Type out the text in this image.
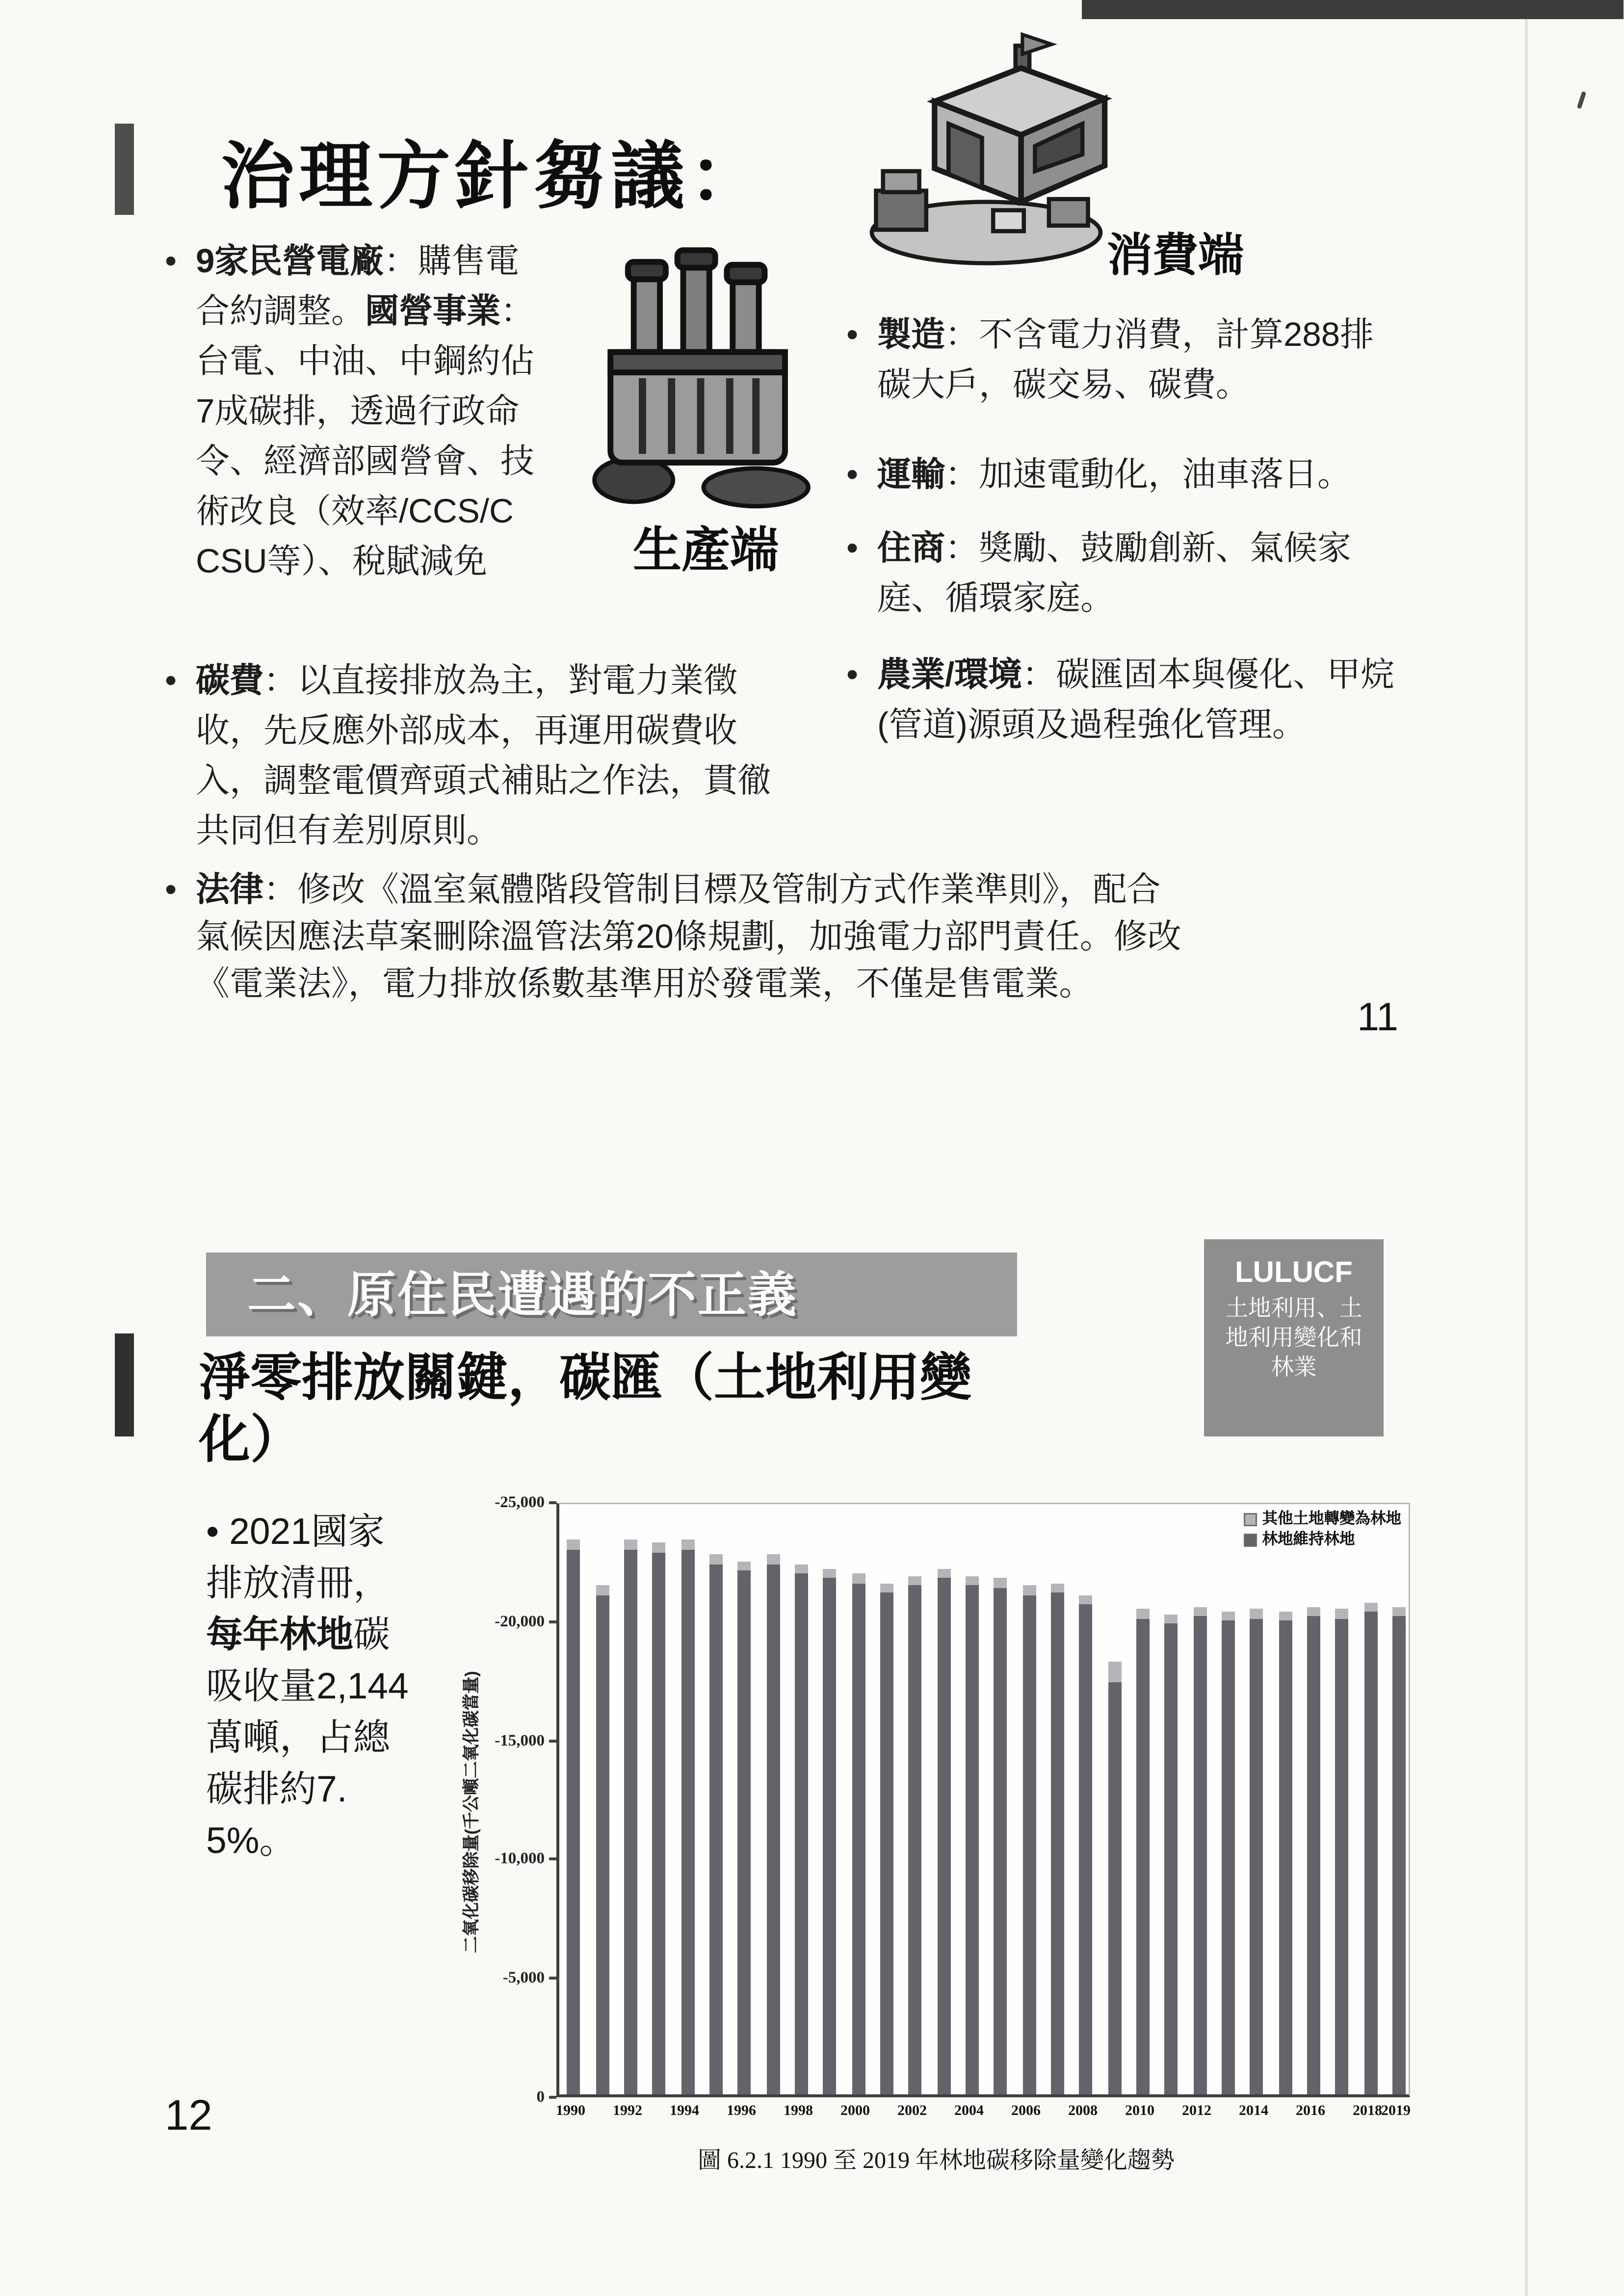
治理方針芻議：
消費端
生產端
• 9家民營電廠：購售電合約調整。國營事業：台電、中油、中鋼約佔7成碳排，透過行政命令、經濟部國營會、技術改良（效率/CCS/CCSU等）、稅賦減免
• 碳費：以直接排放為主，對電力業徵收，先反應外部成本，再運用碳費收入，調整電價齊頭式補貼之作法，貫徹共同但有差別原則。
• 法律：修改《溫室氣體階段管制目標及管制方式作業準則》，配合氣候因應法草案刪除溫管法第20條規劃，加強電力部門責任。修改《電業法》，電力排放係數基準用於發電業，不僅是售電業。
• 製造：不含電力消費，計算288排碳大戶，碳交易、碳費。
• 運輸：加速電動化，油車落日。
• 住商：獎勵、鼓勵創新、氣候家庭、循環家庭。
• 農業/環境：碳匯固本與優化、甲烷(管道)源頭及過程強化管理。
11
二、原住民遭遇的不正義	LULUCF
土地利用、土地利用變化和林業
淨零排放關鍵，碳匯（土地利用變化）
• 2021國家排放清冊，每年林地碳吸收量2,144萬噸，占總碳排約7.5%。	二氧化碳移除量(千公噸二氧化碳當量)
-25,000
-20,000
-15,000
-10,000
-5,000
0
其他土地轉變為林地
林地維持林地
1990	1992	1994	1996	1998	2000	2002	2004	2006	2008	2010	2012	2014	2016	2018
2019
圖 6.2.1 1990 至 2019 年林地碳移除量變化趨勢
12
